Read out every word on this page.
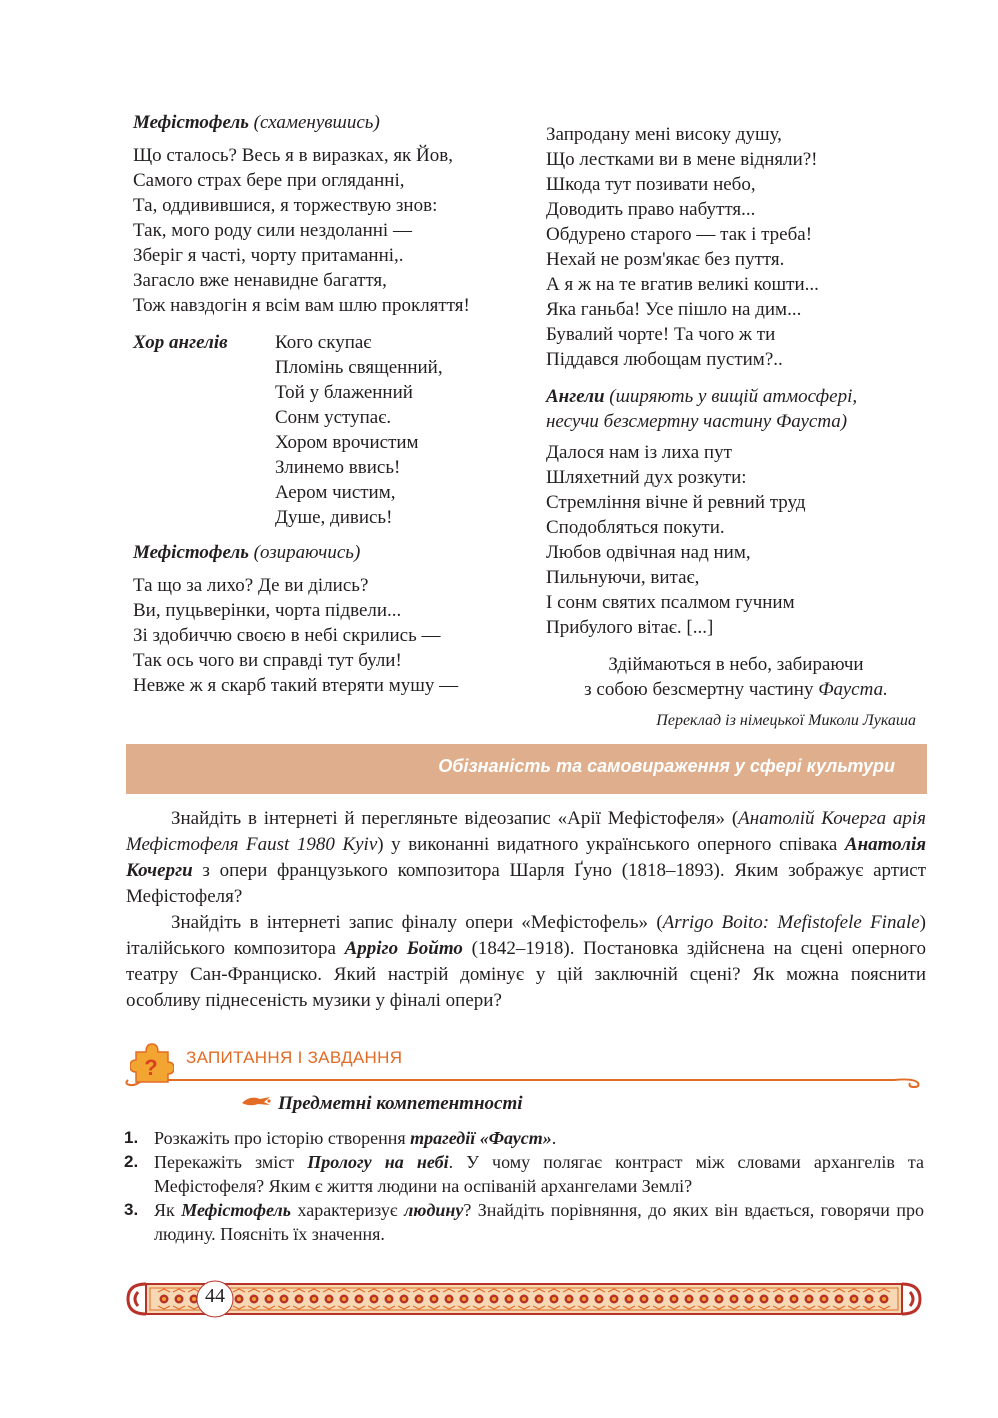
Мефістофель (схаменувшись)
Що сталось? Весь я в виразках, як Йов,
Самого страх бере при огляданні,
Та, оддивившися, я торжествую знов:
Так, мого роду сили нездоланні —
Зберіг я часті, чорту притаманні,.
Загасло вже ненавидне багаття,
Тож навздогін я всім вам шлю прокляття!
Хор ангелів	Кого скупає
Пломінь священний,
Той у блаженний
Сонм уступає.
Хором врочистим
Злинемо ввись!
Аером чистим,
Душе, дивись!
Мефістофель (озираючись)
Та що за лихо? Де ви ділись?
Ви, пуцьверінки, чорта підвели...
Зі здобиччю своєю в небі скрились —
Так ось чого ви справді тут були!
Невже ж я скарб такий втеряти мушу —
Запродану мені високу душу,
Що лестками ви в мене відняли?!
Шкода тут позивати небо,
Доводить право набуття...
Обдурено старого — так і треба!
Нехай не розм'якає без пуття.
А я ж на те вгатив великі кошти...
Яка ганьба! Усе пішло на дим...
Бувалий чорте! Та чого ж ти
Піддався любощам пустим?..
Ангели (ширяють у вищій атмосфері,
несучи безсмертну частину Фауста)
Далося нам із лиха пут
Шляхетний дух розкути:
Стремління вічне й ревний труд
Сподобляться покути.
Любов одвічная над ним,
Пильнуючи, витає,
І сонм святих псалмом гучним
Прибулого вітає. [...]
Здіймаються в небо, забираючи
з собою безсмертну частину Фауста.
Переклад із німецької Миколи Лукаша
Обізнаність та самовираження у сфері культури

Знайдіть в інтернеті й перегляньте відеозапис «Арії Мефістофеля» (Анатолій Кочерга арія Мефістофеля Faust 1980 Kyiv) у виконанні видатного українського оперного співака Анатолія Кочерги з опери французького композитора Шарля Ґуно (1818–1893). Яким зображує артист Мефістофеля?

Знайдіть в інтернеті запис фіналу опери «Мефістофель» (Arrigo Boito: Mefistofele Finale) італійського композитора Арріго Бойто (1842–1918). Постановка здійснена на сцені оперного театру Сан-Франциско. Який настрій домінує у цій заключній сцені? Як можна пояснити особливу піднесеність музики у фіналі опери?

? ЗАПИТАННЯ І ЗАВДАННЯ
Предметні компетентності
1. Розкажіть про історію створення трагедії «Фауст».
2. Перекажіть зміст Прологу на небі. У чому полягає контраст між словами архангелів та Мефістофеля? Яким є життя людини на оспіваній архангелами Землі?
3. Як Мефістофель характеризує людину? Знайдіть порівняння, до яких він вдається, говорячи про людину. Поясніть їх значення.
44
